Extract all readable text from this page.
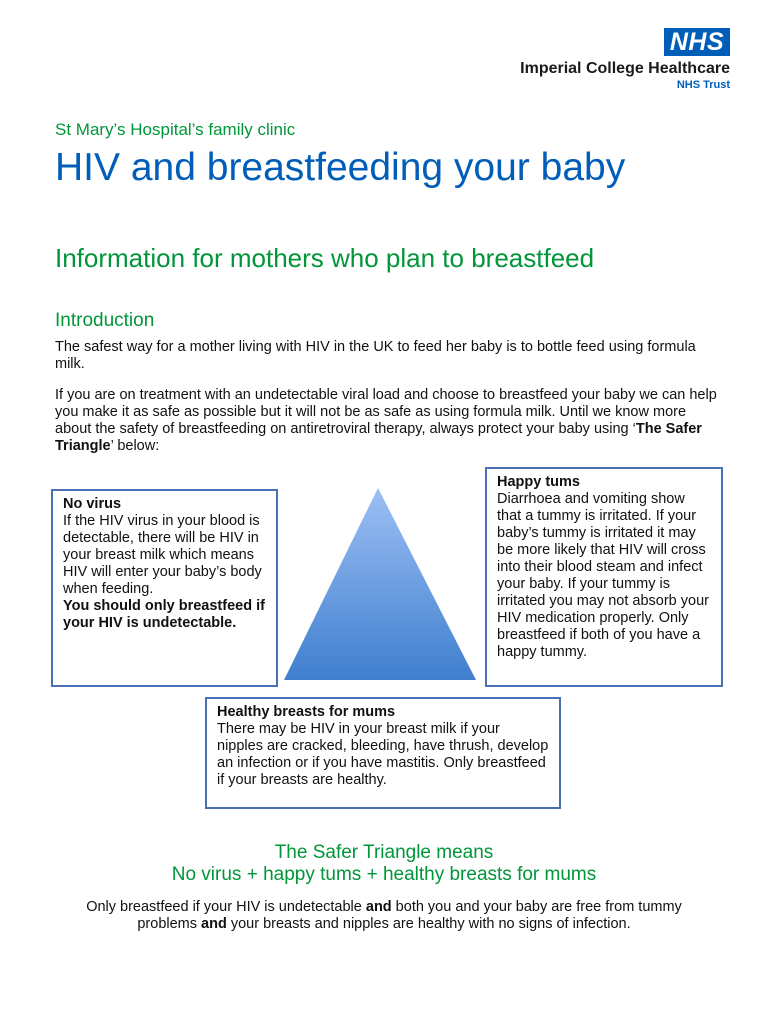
NHS
Imperial College Healthcare
NHS Trust
St Mary’s Hospital’s family clinic
HIV and breastfeeding your baby
Information for mothers who plan to breastfeed
Introduction
The safest way for a mother living with HIV in the UK to feed her baby is to bottle feed using formula milk.
If you are on treatment with an undetectable viral load and choose to breastfeed your baby we can help you make it as safe as possible but it will not be as safe as using formula milk. Until we know more about the safety of breastfeeding on antiretroviral therapy, always protect your baby using ‘The Safer Triangle’ below:
No virus
If the HIV virus in your blood is detectable, there will be HIV in your breast milk which means HIV will enter your baby’s body when feeding.
You should only breastfeed if your HIV is undetectable.
Happy tums
Diarrhoea and vomiting show that a tummy is irritated. If your baby’s tummy is irritated it may be more likely that HIV will cross into their blood steam and infect your baby. If your tummy is irritated you may not absorb your HIV medication properly. Only breastfeed if both of you have a happy tummy.
Healthy breasts for mums
There may be HIV in your breast milk if your nipples are cracked, bleeding, have thrush, develop an infection or if you have mastitis. Only breastfeed if your breasts are healthy.
The Safer Triangle means
No virus + happy tums + healthy breasts for mums
Only breastfeed if your HIV is undetectable and both you and your baby are free from tummy problems and your breasts and nipples are healthy with no signs of infection.
